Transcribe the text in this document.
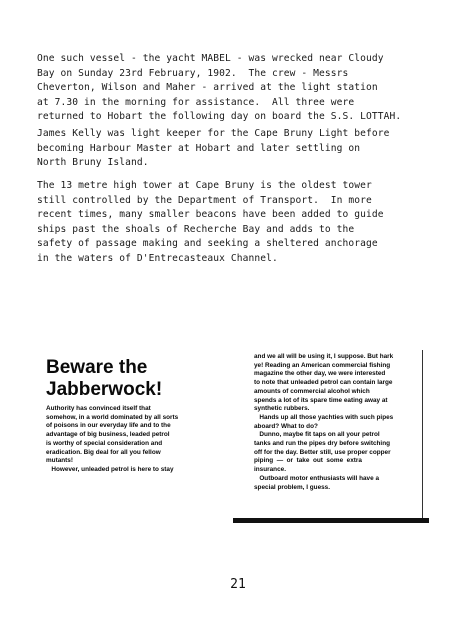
One such vessel - the yacht MABEL - was wrecked near Cloudy
Bay on Sunday 23rd February, 1902.  The crew - Messrs
Cheverton, Wilson and Maher - arrived at the light station
at 7.30 in the morning for assistance.  All three were
returned to Hobart the following day on board the S.S. LOTTAH.
James Kelly was light keeper for the Cape Bruny Light before
becoming Harbour Master at Hobart and later settling on
North Bruny Island.
The 13 metre high tower at Cape Bruny is the oldest tower
still controlled by the Department of Transport.  In more
recent times, many smaller beacons have been added to guide
ships past the shoals of Recherche Bay and adds to the
safety of passage making and seeking a sheltered anchorage
in the waters of D'Entrecasteaux Channel.
Beware the
Jabberwock!
Authority has convinced itself that
somehow, in a world dominated by all sorts
of poisons in our everyday life and to the
advantage of big business, leaded petrol
is worthy of special consideration and
eradication. Big deal for all you fellow
mutants!
However, unleaded petrol is here to stay
and we all will be using it, I suppose. But hark
ye! Reading an American commercial fishing
magazine the other day, we were interested
to note that unleaded petrol can contain large
amounts of commercial alcohol which
spends a lot of its spare time eating away at
synthetic rubbers.
Hands up all those yachties with such pipes
aboard? What to do?
Dunno, maybe fit taps on all your petrol
tanks and run the pipes dry before switching
off for the day. Better still, use proper copper
piping  —  or  take  out  some  extra
insurance.
Outboard motor enthusiasts will have a
special problem, I guess.
21
